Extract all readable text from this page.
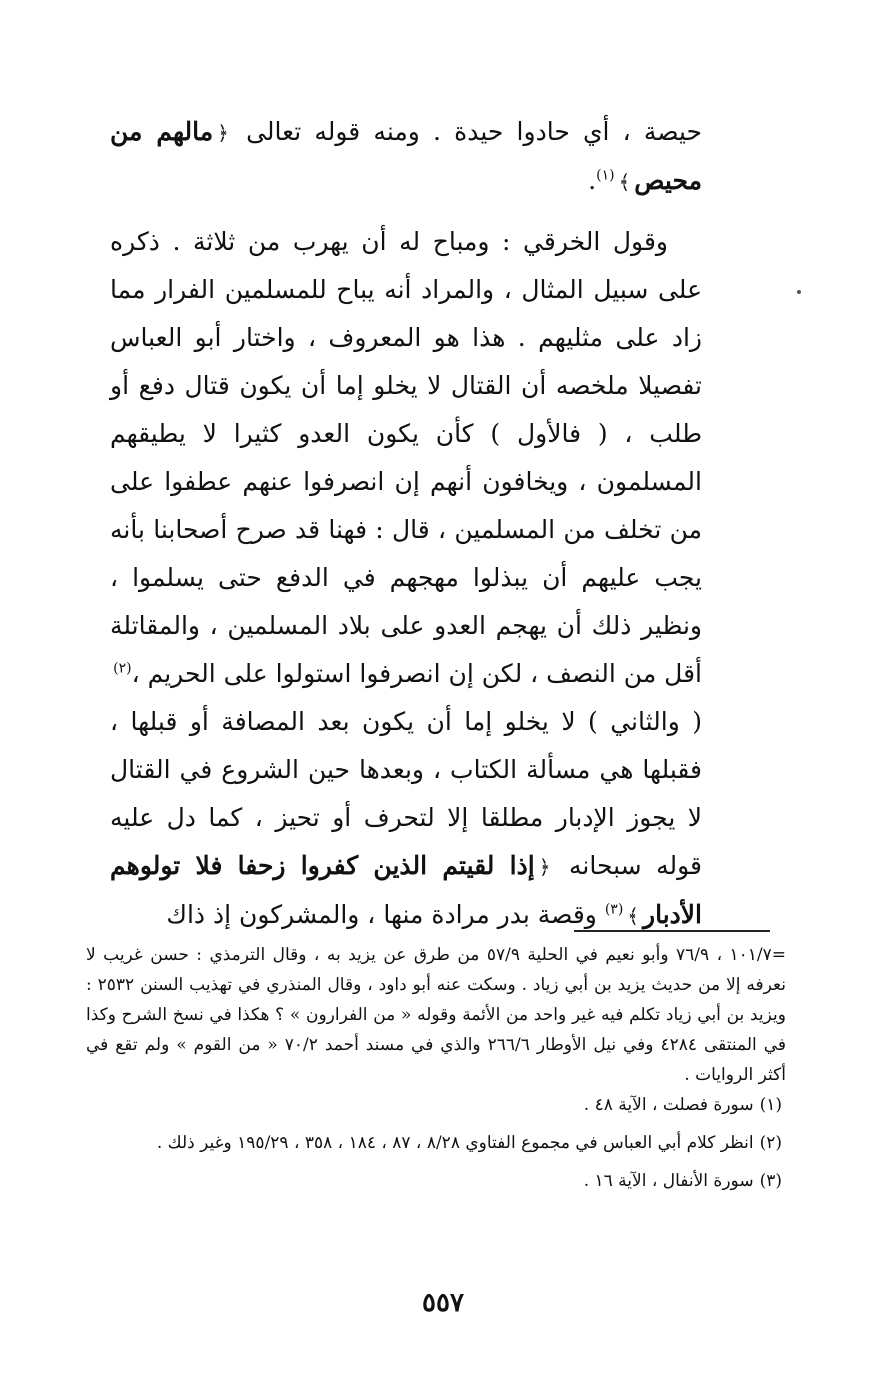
حيصة ، أي حادوا حيدة . ومنه قوله تعالى ﴿مالهم من محيص﴾$^{(١)}$.

وقول الخرقي : ومباح له أن يهرب من ثلاثة . ذكره على سبيل المثال ، والمراد أنه يباح للمسلمين الفرار مما زاد على مثليهم . هذا هو المعروف ، واختار أبو العباس تفصيلا ملخصه أن القتال لا يخلو إما أن يكون قتال دفع أو طلب ، ( فالأول ) كأن يكون العدو كثيرا لا يطيقهم المسلمون ، ويخافون أنهم إن انصرفوا عنهم عطفوا على من تخلف من المسلمين ، قال : فهنا قد صرح أصحابنا بأنه يجب عليهم أن يبذلوا مهجهم في الدفع حتى يسلموا ، ونظير ذلك أن يهجم العدو على بلاد المسلمين ، والمقاتلة أقل من النصف ، لكن إن انصرفوا استولوا على الحريم ،$^{(٢)}$

( والثاني ) لا يخلو إما أن يكون بعد المصافة أو قبلها ، فقبلها هي مسألة الكتاب ، وبعدها حين الشروع في القتال لا يجوز الإدبار مطلقا إلا لتحرف أو تحيز ، كما دل عليه قوله سبحانه ﴿إذا لقيتم الذين كفروا زحفا فلا تولوهم الأدبار﴾$^{(٣)}$ وقصة بدر مرادة منها ، والمشركون إذ ذاك

=١٠١/٧ ، ٧٦/٩ وأبو نعيم في الحلية ٥٧/٩ من طرق عن يزيد به ، وقال الترمذي : حسن غريب لا نعرفه إلا من حديث يزيد بن أبي زياد . وسكت عنه أبو داود ، وقال المنذري في تهذيب السنن ٢٥٣٢ : ويزيد بن أبي زياد تكلم فيه غير واحد من الأئمة وقوله « من الفرارون » ؟ هكذا في نسخ الشرح وكذا في المنتقى ٤٢٨٤ وفي نيل الأوطار ٢٦٦/٦ والذي في مسند أحمد ٧٠/٢ « من القوم » ولم تقع في أكثر الروايات .

(١)سورة فصلت ، الآية ٤٨ .

(٢)انظر كلام أبي العباس في مجموع الفتاوي ٨/٢٨ ، ٨٧ ، ١٨٤ ، ٣٥٨ ، ١٩٥/٢٩ وغير ذلك .

(٣)سورة الأنفال ، الآية ١٦ .

٥٥٧
